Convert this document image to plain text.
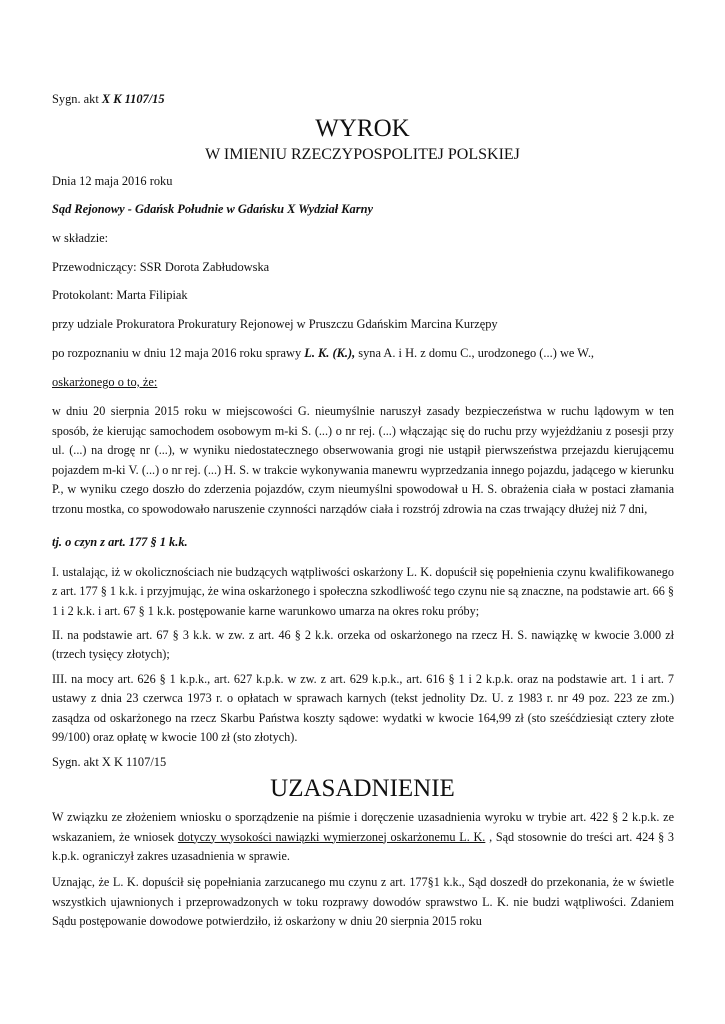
Sygn. akt X K 1107/15
WYROK
W IMIENIU RZECZYPOSPOLITEJ POLSKIEJ
Dnia 12 maja 2016 roku
Sąd Rejonowy - Gdańsk Południe w Gdańsku X Wydział Karny
w składzie:
Przewodniczący: SSR Dorota Zabłudowska
Protokolant: Marta Filipiak
przy udziale Prokuratora Prokuratury Rejonowej w Pruszczu Gdańskim Marcina Kurzępy
po rozpoznaniu w dniu 12 maja 2016 roku sprawy L. K. (K.), syna A. i H. z domu C., urodzonego (...) we W.,
oskarżonego o to, że:
w dniu 20 sierpnia 2015 roku w miejscowości G. nieumyślnie naruszył zasady bezpieczeństwa w ruchu lądowym w ten sposób, że kierując samochodem osobowym m-ki S. (...) o nr rej. (...) włączając się do ruchu przy wyjeżdżaniu z posesji przy ul. (...) na drogę nr (...), w wyniku niedostatecznego obserwowania grogi nie ustąpił pierwszeństwa przejazdu kierującemu pojazdem m-ki V. (...) o nr rej. (...) H. S. w trakcie wykonywania manewru wyprzedzania innego pojazdu, jadącego w kierunku P., w wyniku czego doszło do zderzenia pojazdów, czym nieumyślni spowodował u H. S. obrażenia ciała w postaci złamania trzonu mostka, co spowodowało naruszenie czynności narządów ciała i rozstrój zdrowia na czas trwający dłużej niż 7 dni,
tj. o czyn z art. 177 § 1 k.k.
I. ustalając, iż w okolicznościach nie budzących wątpliwości oskarżony L. K. dopuścił się popełnienia czynu kwalifikowanego z art. 177 § 1 k.k. i przyjmując, że wina oskarżonego i społeczna szkodliwość tego czynu nie są znaczne, na podstawie art. 66 § 1 i 2 k.k. i art. 67 § 1 k.k. postępowanie karne warunkowo umarza na okres roku próby;
II. na podstawie art. 67 § 3 k.k. w zw. z art. 46 § 2 k.k. orzeka od oskarżonego na rzecz H. S. nawiązkę w kwocie 3.000 zł (trzech tysięcy złotych);
III. na mocy art. 626 § 1 k.p.k., art. 627 k.p.k. w zw. z art. 629 k.p.k., art. 616 § 1 i 2 k.p.k. oraz na podstawie art. 1 i art. 7 ustawy z dnia 23 czerwca 1973 r. o opłatach w sprawach karnych (tekst jednolity Dz. U. z 1983 r. nr 49 poz. 223 ze zm.) zasądza od oskarżonego na rzecz Skarbu Państwa koszty sądowe: wydatki w kwocie 164,99 zł (sto sześćdziesiąt cztery złote 99/100) oraz opłatę w kwocie 100 zł (sto złotych).
Sygn. akt X K 1107/15
UZASADNIENIE
W związku ze złożeniem wniosku o sporządzenie na piśmie i doręczenie uzasadnienia wyroku w trybie art. 422 § 2 k.p.k. ze wskazaniem, że wniosek dotyczy wysokości nawiązki wymierzonej oskarżonemu L. K. , Sąd stosownie do treści art. 424 § 3 k.p.k. ograniczył zakres uzasadnienia w sprawie.
Uznając, że L. K. dopuścił się popełniania zarzucanego mu czynu z art. 177§1 k.k., Sąd doszedł do przekonania, że w świetle wszystkich ujawnionych i przeprowadzonych w toku rozprawy dowodów sprawstwo L. K. nie budzi wątpliwości. Zdaniem Sądu postępowanie dowodowe potwierdziło, iż oskarżony w dniu 20 sierpnia 2015 roku
